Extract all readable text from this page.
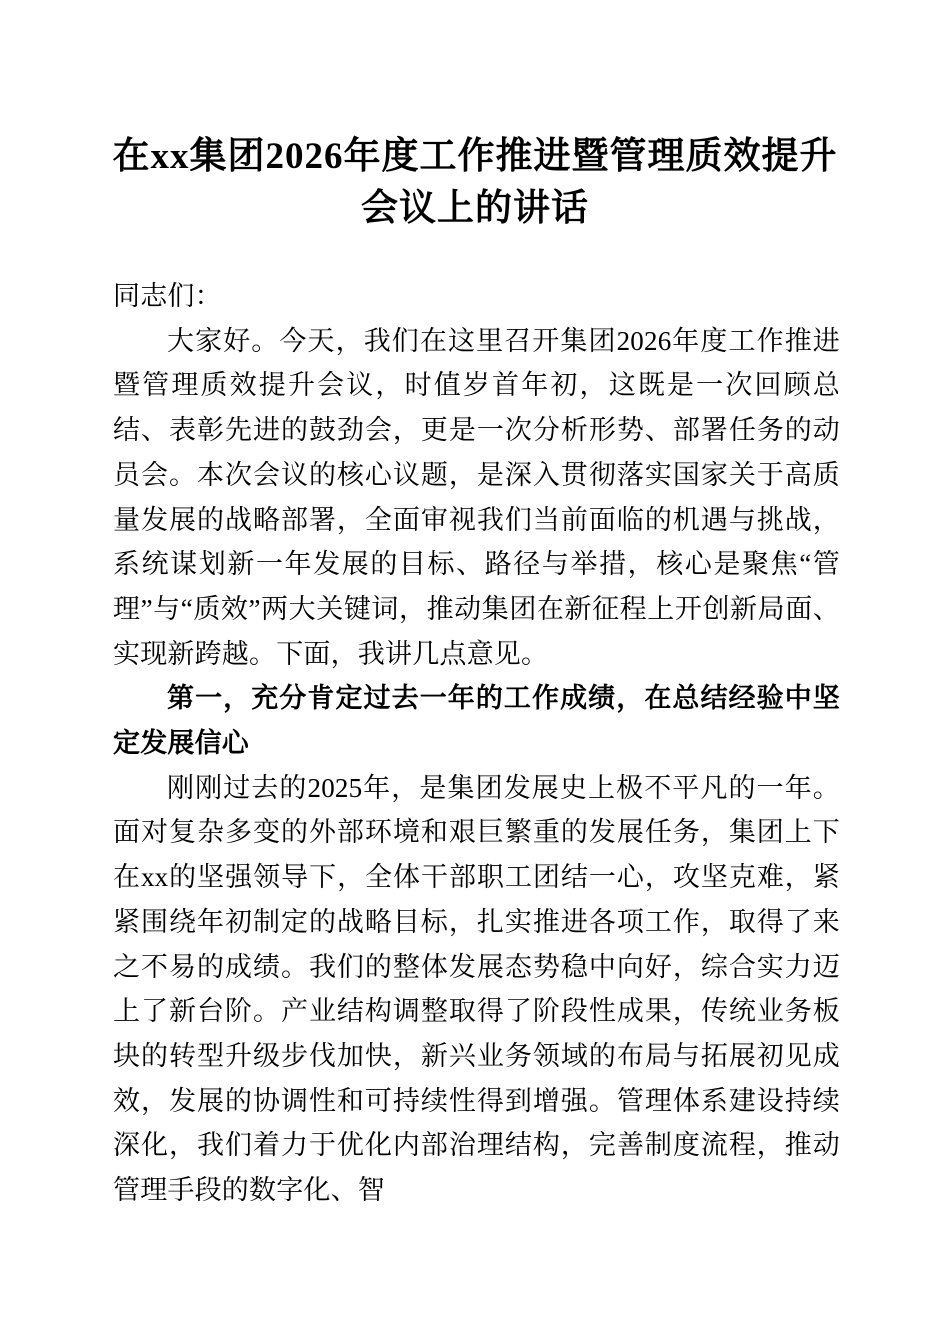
在xx集团2026年度工作推进暨管理质效提升
会议上的讲话

同志们：

大家好。今天，我们在这里召开集团2026年度工作推进暨管理质效提升会议，时值岁首年初，这既是一次回顾总结、表彰先进的鼓劲会，更是一次分析形势、部署任务的动员会。本次会议的核心议题，是深入贯彻落实国家关于高质量发展的战略部署，全面审视我们当前面临的机遇与挑战，系统谋划新一年发展的目标、路径与举措，核心是聚焦“管理”与“质效”两大关键词，推动集团在新征程上开创新局面、实现新跨越。下面，我讲几点意见。

第一，充分肯定过去一年的工作成绩，在总结经验中坚定发展信心

刚刚过去的2025年，是集团发展史上极不平凡的一年。面对复杂多变的外部环境和艰巨繁重的发展任务，集团上下在xx的坚强领导下，全体干部职工团结一心，攻坚克难，紧紧围绕年初制定的战略目标，扎实推进各项工作，取得了来之不易的成绩。我们的整体发展态势稳中向好，综合实力迈上了新台阶。产业结构调整取得了阶段性成果，传统业务板块的转型升级步伐加快，新兴业务领域的布局与拓展初见成效，发展的协调性和可持续性得到增强。管理体系建设持续深化，我们着力于优化内部治理结构，完善制度流程，推动管理手段的数字化、智
